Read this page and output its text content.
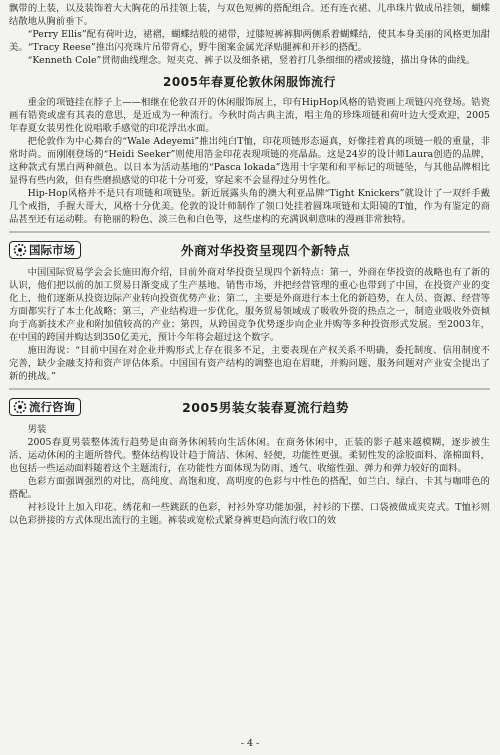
飘带的上装，以及装饰着大大胸花的吊挂领上装，与双色短裤的搭配组合。还有连衣裙、儿串珠片做成吊挂领，蝴蝶结散地从胸前垂下。

“Perry Ellis”配有荷叶边，裙褶，蝴蝶结般的裙带，过膝短裤裤脚两侧系着蝴蝶结，使其本身美丽的风格更加甜美。“Tracy Reese”推出闪亮珠片吊带背心，野牛图案金属光泽贴腿裤和开衫的搭配。

“Kenneth Cole”贯彻曲线理念。短夹克、裤子以及细条裙，竖着打几条细细的褶或接缝，描出身体的曲线。

2005年春夏伦敦休闲服饰流行

重金的项链挂在脖子上——相继在伦敦召开的休闲服饰展上，印有HipHop风格的锆瓷画上项链闪亮登场。锆瓷画有锆瓷或虚有其表的意思，是近成为一种流行。今秋时尚古典主流，唱主角的珍珠项链和荷叶边大受欢迎，2005年春夏女装男性化说唱歌手感觉的印花浮出水面。

把伦敦作为中心舞台的“Wale Adeyemi”推出纯白T恤，印花项链形态逼真，好像挂着真的项链一般的重量，非常时尚。而刚刚登场的“Heidi Seeker”则使用箔金印花表现项链的亮晶晶。这是24岁的设计师Laura创造的品牌，这种款式有黑白两种颜色。以日本为活动基地的“Pasca lokada”选用十字架和和平标记的项链坠，与其他品牌相比显得有些内敛，但有些磨损感觉的印花十分可爱，穿起来不会显得过分男性化。

Hip-Hop风格并不是只有项链和项链坠。新近展露头角的澳大利亚品牌“Tight Knickers”就设计了一双纤手戴几个戒指，手握大哥大，风格十分优美。伦敦的设计师制作了领口处挂着圆珠项链和太阳镜的T恤，作为有鉴定的商品甚至还有运动鞋。有艳丽的粉色、淡三色和白色等，这些虚构的充满讽刺意味的漫画非常独特。

国际市场	外商对华投资呈现四个新特点

中国国际贸易学会会长施田海介绍，目前外商对华投资呈现四个新特点：第一，外商在华投资的战略也有了新的认识，他们把以前的加工贸易日渐变成了生产基地、销售市场，并把经营管理的重心也带到了中国，在投资产业的变化上，他们逐渐从投资边际产业转向投资优势产业；第二，主要是外商进行本土化的新趋势，在人员、资源、经营等方面都实行了本土化战略；第三，产业结构进一步优化，服务贸易领域成了吸收外资的热点之一，制造业吸收外资倾向于高新技术产业和附加值较高的产业；第四，从跨国竞争优势逐步向企业并购等多种投资形式发展。至2003年，在中国的跨国并购达到350亿美元，预计今年将会超过这个数字。

施田海说：“目前中国在对企业并购形式上存在很多不足，主要表现在产权关系不明确，委托制度、信用制度不完善，缺少金融支持和资产评估体系。中国国有资产结构的调整也迫在眉睫，并购问题、服务问题对产业安全提出了新的挑战。”

流行咨询	2005男装女装春夏流行趋势

男装

2005春夏男装整体流行趋势是由商务休闲转向生活休闲。在商务休闲中，正装的影子越来越模糊，逐步被生活、运动休闲的主题所替代。整体结构设计趋于简洁、休闲、轻便，功能性更强。柔韧性发的涂胶面料、涤棉面料，也包括一些运动面料随着这个主题流行，在功能性方面体现为防雨、透气、收缩性强、弹力和弹力较好的面料。

色彩方面强调强烈的对比，高纯度、高饱和度、高明度的色彩与中性色的搭配，如兰白、绿白、卡其与咖啡色的搭配。

衬衫设计上加入印花、绣花和一些跳跃的色彩，衬衫外穿功能加强，衬衫的下摆、口袋被做成夹克式。T恤衫则以色彩拼接的方式体现出流行的主题。裤装或宽松式紧身裤更趋向流行收口的效

- 4 -
